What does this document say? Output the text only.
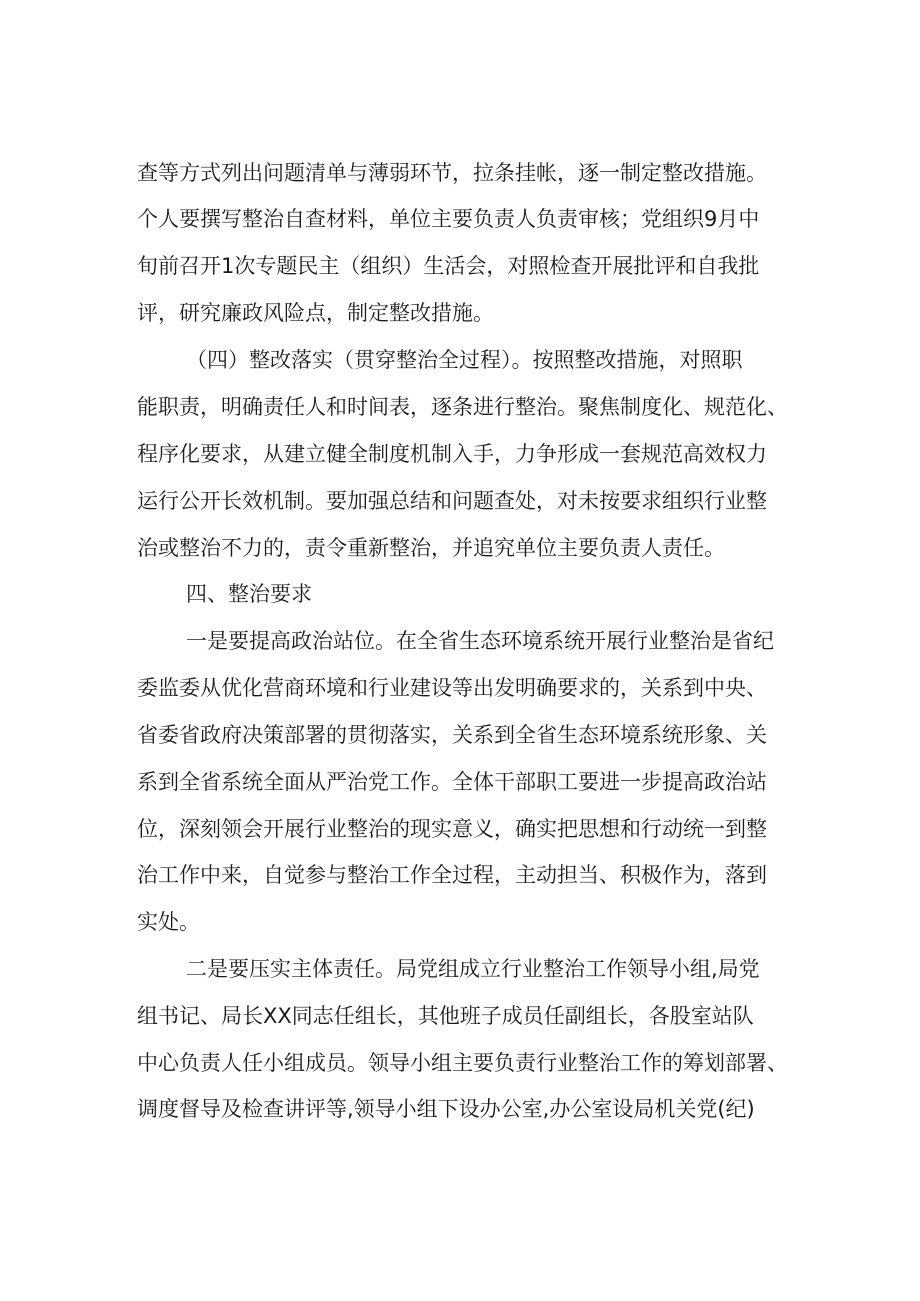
查等方式列出问题清单与薄弱环节，拉条挂帐，逐一制定整改措施。
个人要撰写整治自查材料，单位主要负责人负责审核；党组织9月中
旬前召开1次专题民主（组织）生活会，对照检查开展批评和自我批
评，研究廉政风险点，制定整改措施。
（四）整改落实（贯穿整治全过程）。按照整改措施，对照职
能职责，明确责任人和时间表，逐条进行整治。聚焦制度化、规范化、
程序化要求，从建立健全制度机制入手，力争形成一套规范高效权力
运行公开长效机制。要加强总结和问题查处，对未按要求组织行业整
治或整治不力的，责令重新整治，并追究单位主要负责人责任。
四、整治要求
一是要提高政治站位。在全省生态环境系统开展行业整治是省纪
委监委从优化营商环境和行业建设等出发明确要求的，关系到中央、
省委省政府决策部署的贯彻落实，关系到全省生态环境系统形象、关
系到全省系统全面从严治党工作。全体干部职工要进一步提高政治站
位，深刻领会开展行业整治的现实意义，确实把思想和行动统一到整
治工作中来，自觉参与整治工作全过程，主动担当、积极作为，落到
实处。
二是要压实主体责任。局党组成立行业整治工作领导小组,局党
组书记、局长XX同志任组长，其他班子成员任副组长，各股室站队
中心负责人任小组成员。领导小组主要负责行业整治工作的筹划部署、
调度督导及检查讲评等,领导小组下设办公室,办公室设局机关党(纪)
